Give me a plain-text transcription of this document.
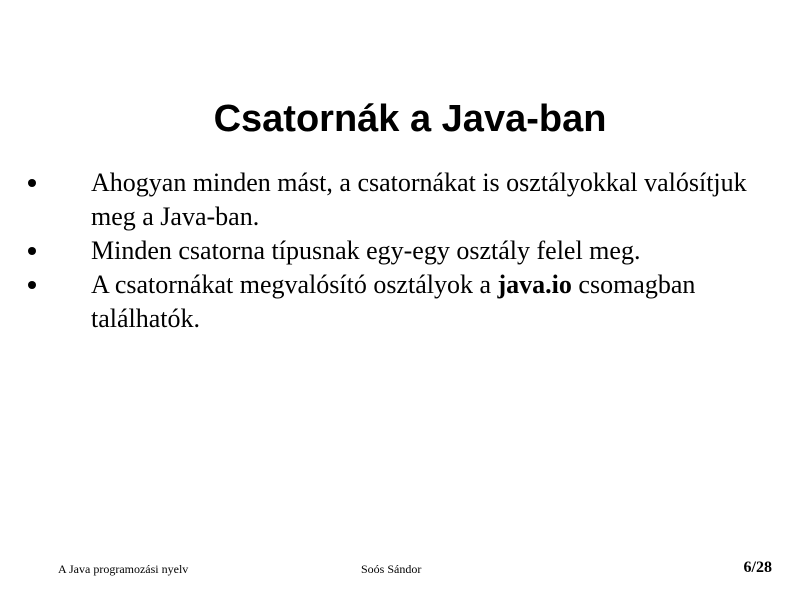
Csatornák a Java-ban
Ahogyan minden mást, a csatornákat is osztályokkal valósítjuk meg a Java-ban.
Minden csatorna típusnak egy-egy osztály felel meg.
A csatornákat megvalósító osztályok a java.io csomagban találhatók.
A Java programozási nyelv	Soós Sándor	6/28
